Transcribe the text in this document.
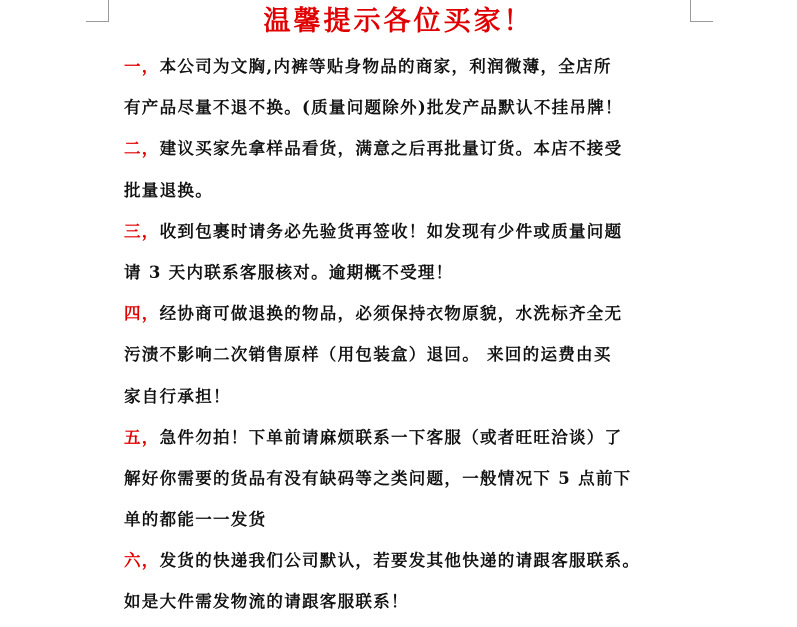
温馨提示各位买家！
一，本公司为文胸,内裤等贴身物品的商家，利润微薄，全店所
有产品尽量不退不换。(质量问题除外)批发产品默认不挂吊牌！
二，建议买家先拿样品看货，满意之后再批量订货。本店不接受
批量退换。
三，收到包裹时请务必先验货再签收！如发现有少件或质量问题
请 3 天内联系客服核对。逾期概不受理！
四，经协商可做退换的物品，必须保持衣物原貌，水洗标齐全无
污渍不影响二次销售原样（用包装盒）退回。 来回的运费由买
家自行承担！
五，急件勿拍！下单前请麻烦联系一下客服（或者旺旺洽谈）了
解好你需要的货品有没有缺码等之类问题，一般情况下 5 点前下
单的都能一一发货
六，发货的快递我们公司默认，若要发其他快递的请跟客服联系。
如是大件需发物流的请跟客服联系！
